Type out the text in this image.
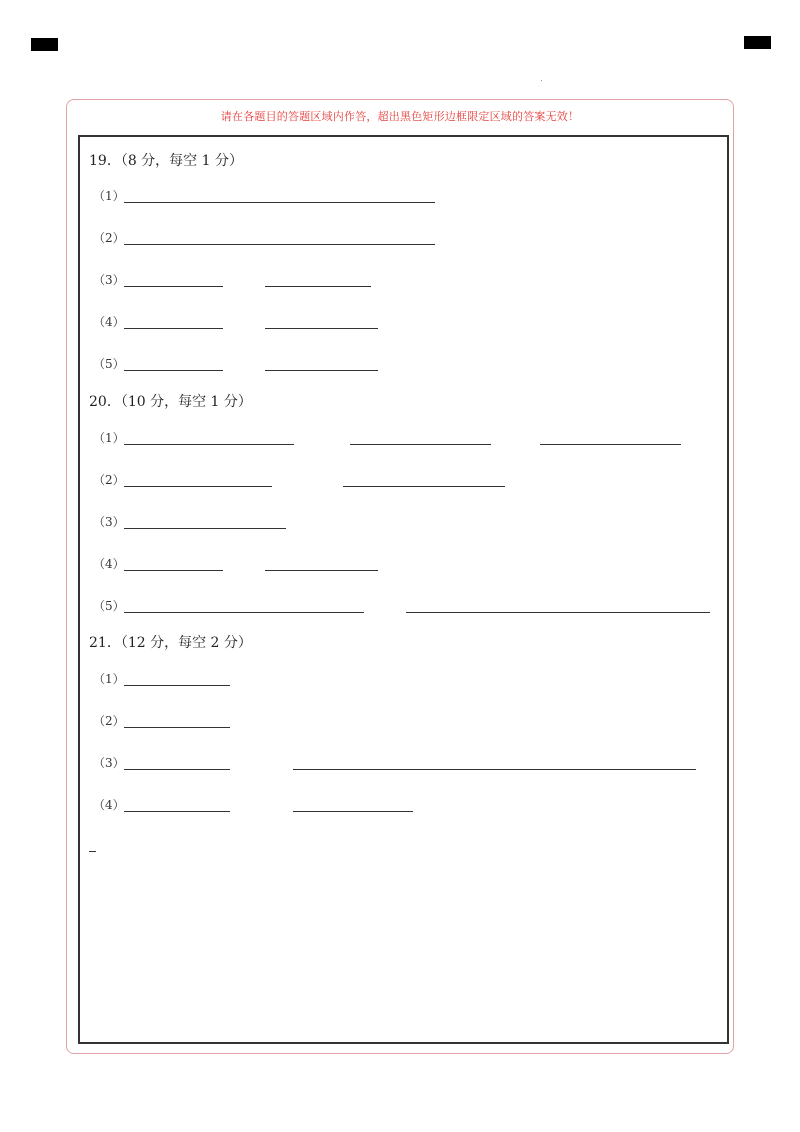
请在各题目的答题区域内作答，超出黑色矩形边框限定区域的答案无效！
19．（8 分，每空 1 分）
（1）
（2）
（3）
（4）
（5）
20．（10 分，每空 1 分）
（1）
（2）
（3）
（4）
（5）
21．（12 分，每空 2 分）
（1）
（2）
（3）
（4）
